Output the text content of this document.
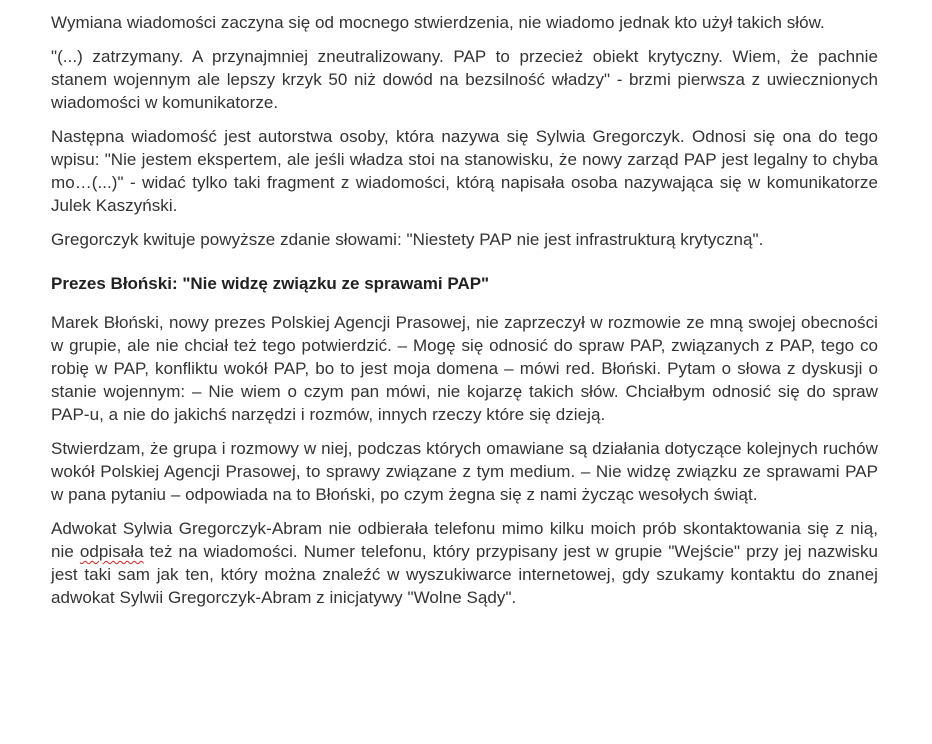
Wymiana wiadomości zaczyna się od mocnego stwierdzenia, nie wiadomo jednak kto użył takich słów.

"(...) zatrzymany. A przynajmniej zneutralizowany. PAP to przecież obiekt krytyczny. Wiem, że pachnie stanem wojennym ale lepszy krzyk 50 niż dowód na bezsilność władzy" - brzmi pierwsza z uwiecznionych wiadomości w komunikatorze.

Następna wiadomość jest autorstwa osoby, która nazywa się Sylwia Gregorczyk. Odnosi się ona do tego wpisu: "Nie jestem ekspertem, ale jeśli władza stoi na stanowisku, że nowy zarząd PAP jest legalny to chyba mo…(...)" - widać tylko taki fragment z wiadomości, którą napisała osoba nazywająca się w komunikatorze Julek Kaszyński.

Gregorczyk kwituje powyższe zdanie słowami: "Niestety PAP nie jest infrastrukturą krytyczną".

Prezes Błoński: "Nie widzę związku ze sprawami PAP"

Marek Błoński, nowy prezes Polskiej Agencji Prasowej, nie zaprzeczył w rozmowie ze mną swojej obecności w grupie, ale nie chciał też tego potwierdzić. – Mogę się odnosić do spraw PAP, związanych z PAP, tego co robię w PAP, konfliktu wokół PAP, bo to jest moja domena – mówi red. Błoński. Pytam o słowa z dyskusji o stanie wojennym: – Nie wiem o czym pan mówi, nie kojarzę takich słów. Chciałbym odnosić się do spraw PAP-u, a nie do jakichś narzędzi i rozmów, innych rzeczy które się dzieją.

Stwierdzam, że grupa i rozmowy w niej, podczas których omawiane są działania dotyczące kolejnych ruchów wokół Polskiej Agencji Prasowej, to sprawy związane z tym medium. – Nie widzę związku ze sprawami PAP w pana pytaniu – odpowiada na to Błoński, po czym żegna się z nami życząc wesołych świąt.

Adwokat Sylwia Gregorczyk-Abram nie odbierała telefonu mimo kilku moich prób skontaktowania się z nią, nie odpisała też na wiadomości. Numer telefonu, który przypisany jest w grupie "Wejście" przy jej nazwisku jest taki sam jak ten, który można znaleźć w wyszukiwarce internetowej, gdy szukamy kontaktu do znanej adwokat Sylwii Gregorczyk-Abram z inicjatywy "Wolne Sądy".
